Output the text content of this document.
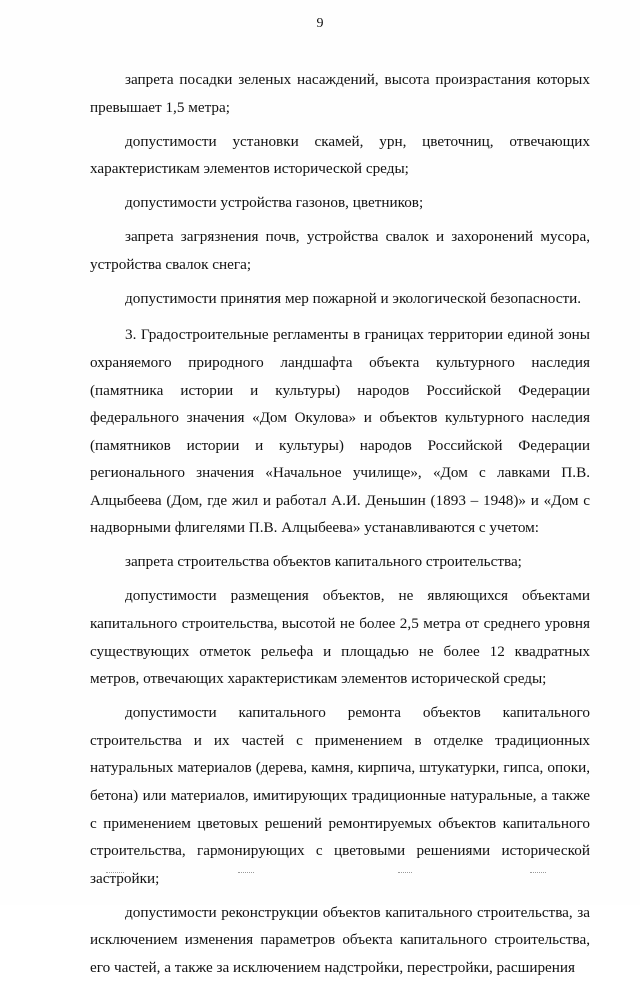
9

запрета посадки зеленых насаждений, высота произрастания которых превышает 1,5 метра;

допустимости установки скамей, урн, цветочниц, отвечающих характеристикам элементов исторической среды;

допустимости устройства газонов, цветников;

запрета загрязнения почв, устройства свалок и захоронений мусора, устройства свалок снега;

допустимости принятия мер пожарной и экологической безопасности.

3. Градостроительные регламенты в границах территории единой зоны охраняемого природного ландшафта объекта культурного наследия (памятника истории и культуры) народов Российской Федерации федерального значения «Дом Окулова» и объектов культурного наследия (памятников истории и культуры) народов Российской Федерации регионального значения «Начальное училище», «Дом с лавками П.В. Алцыбеева (Дом, где жил и работал А.И. Деньшин (1893 – 1948)» и «Дом с надворными флигелями П.В. Алцыбеева» устанавливаются с учетом:

запрета строительства объектов капитального строительства;

допустимости размещения объектов, не являющихся объектами капитального строительства, высотой не более 2,5 метра от среднего уровня существующих отметок рельефа и площадью не более 12 квадратных метров, отвечающих характеристикам элементов исторической среды;

допустимости капитального ремонта объектов капитального строительства и их частей с применением в отделке традиционных натуральных материалов (дерева, камня, кирпича, штукатурки, гипса, опоки, бетона) или материалов, имитирующих традиционные натуральные, а также с применением цветовых решений ремонтируемых объектов капитального строительства, гармонирующих с цветовыми решениями исторической застройки;

допустимости реконструкции объектов капитального строительства, за исключением изменения параметров объекта капитального строительства, его частей, а также за исключением надстройки, перестройки, расширения
